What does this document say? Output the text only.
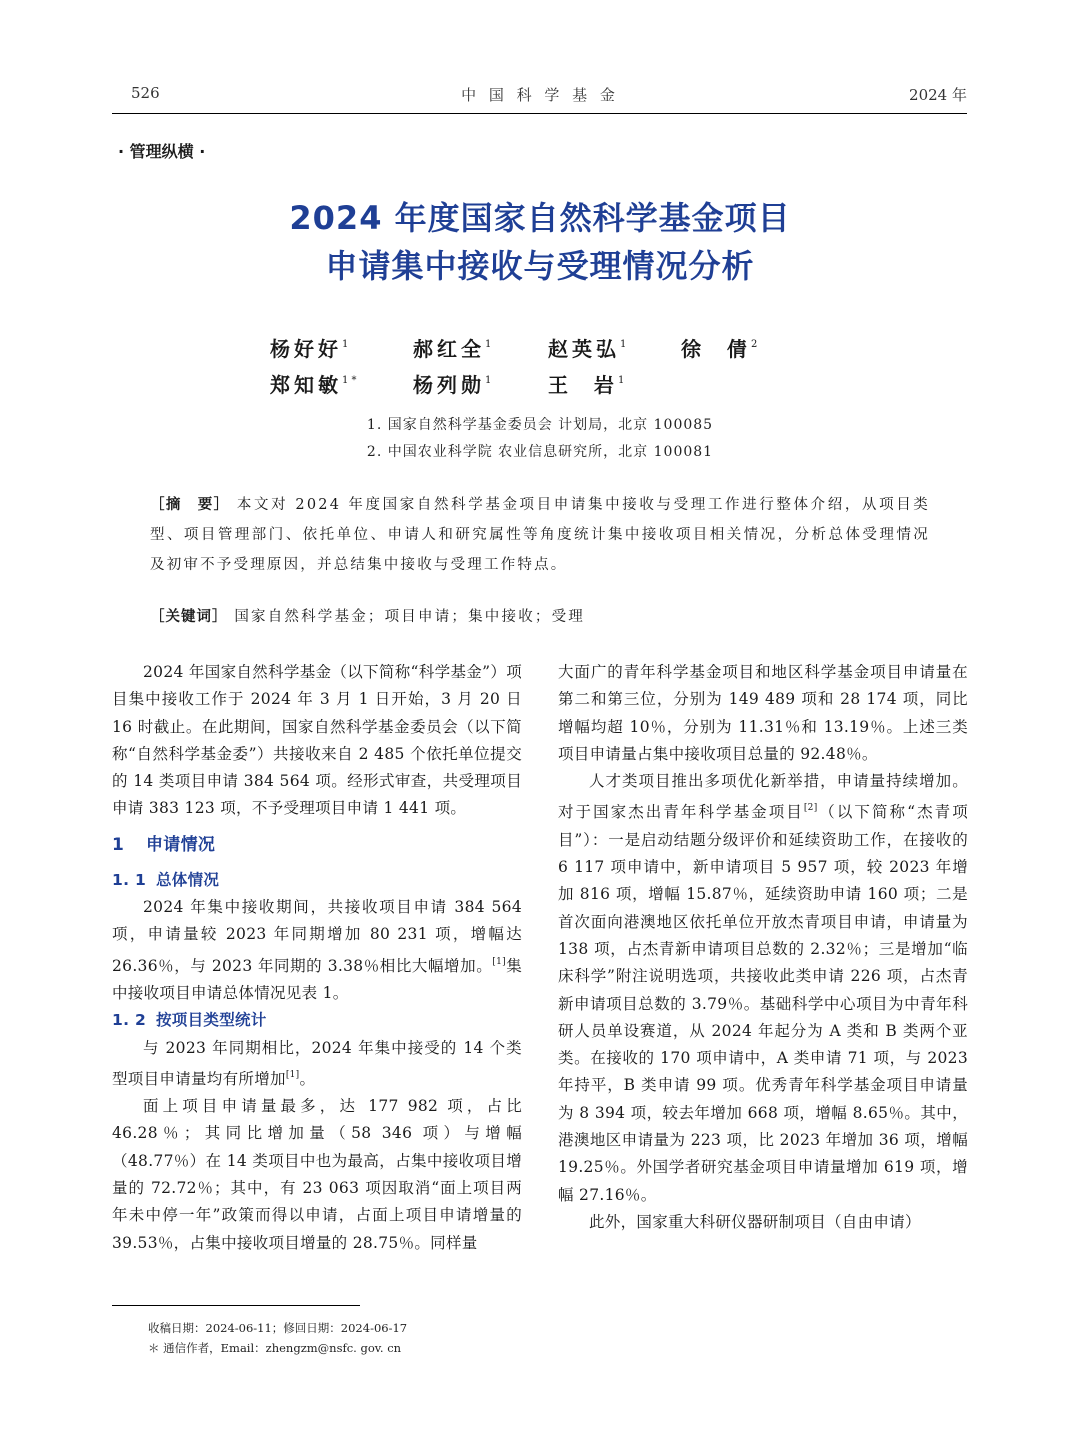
526	中 国 科 学 基 金	2024 年
· 管理纵横 ·
2024 年度国家自然科学基金项目
申请集中接收与受理情况分析
杨好好$^1$	郝红全$^1$	赵英弘$^1$	徐  倩$^2$
郑知敏$^{1 *}$	杨列勋$^1$	王  岩$^1$
1. 国家自然科学基金委员会 计划局，北京 100085
2. 中国农业科学院 农业信息研究所，北京 100081
［摘　要］ 本文对 2024 年度国家自然科学基金项目申请集中接收与受理工作进行整体介绍，从项目类型、项目管理部门、依托单位、申请人和研究属性等角度统计集中接收项目相关情况，分析总体受理情况及初审不予受理原因，并总结集中接收与受理工作特点。
［关键词］ 国家自然科学基金；项目申请；集中接收；受理

2024 年国家自然科学基金（以下简称“科学基金”）项目集中接收工作于 2024 年 3 月 1 日开始，3 月 20 日 16 时截止。在此期间，国家自然科学基金委员会（以下简称“自然科学基金委”）共接收来自 2 485 个依托单位提交的 14 类项目申请 384 564 项。经形式审查，共受理项目申请 383 123 项，不予受理项目申请 1 441 项。

1 申请情况
1. 1 总体情况

2024 年集中接收期间，共接收项目申请 384 564 项，申请量较 2023 年同期增加 80 231 项，增幅达 26.36％，与 2023 年同期的 3.38％相比大幅增加。[1]集中接收项目申请总体情况见表 1。

1. 2 按项目类型统计

与 2023 年同期相比，2024 年集中接受的 14 个类型项目申请量均有所增加[1]。

面上项目申请量最多，达 177 982 项，占比 46.28％；其同比增加量（58 346 项）与增幅（48.77％）在 14 类项目中也为最高，占集中接收项目增量的 72.72％；其中，有 23 063 项因取消“面上项目两年未中停一年”政策而得以申请，占面上项目申请增量的 39.53％，占集中接收项目增量的 28.75％。同样量

大面广的青年科学基金项目和地区科学基金项目申请量在第二和第三位，分别为 149 489 项和 28 174 项，同比增幅均超 10％，分别为 11.31％和 13.19％。上述三类项目申请量占集中接收项目总量的 92.48％。

人才类项目推出多项优化新举措，申请量持续增加。对于国家杰出青年科学基金项目[2]（以下简称“杰青项目”）：一是启动结题分级评价和延续资助工作，在接收的 6 117 项申请中，新申请项目 5 957 项，较 2023 年增加 816 项，增幅 15.87％，延续资助申请 160 项；二是首次面向港澳地区依托单位开放杰青项目申请，申请量为 138 项，占杰青新申请项目总数的 2.32％；三是增加“临床科学”附注说明选项，共接收此类申请 226 项，占杰青新申请项目总数的 3.79％。基础科学中心项目为中青年科研人员单设赛道，从 2024 年起分为 A 类和 B 类两个亚类。在接收的 170 项申请中，A 类申请 71 项，与 2023 年持平，B 类申请 99 项。优秀青年科学基金项目申请量为 8 394 项，较去年增加 668 项，增幅 8.65％。其中，港澳地区申请量为 223 项，比 2023 年增加 36 项，增幅 19.25％。外国学者研究基金项目申请量增加 619 项，增幅 27.16％。

此外，国家重大科研仪器研制项目（自由申请）

收稿日期：2024-06-11；修回日期：2024-06-17
＊ 通信作者，Email：zhengzm@nsfc. gov. cn
